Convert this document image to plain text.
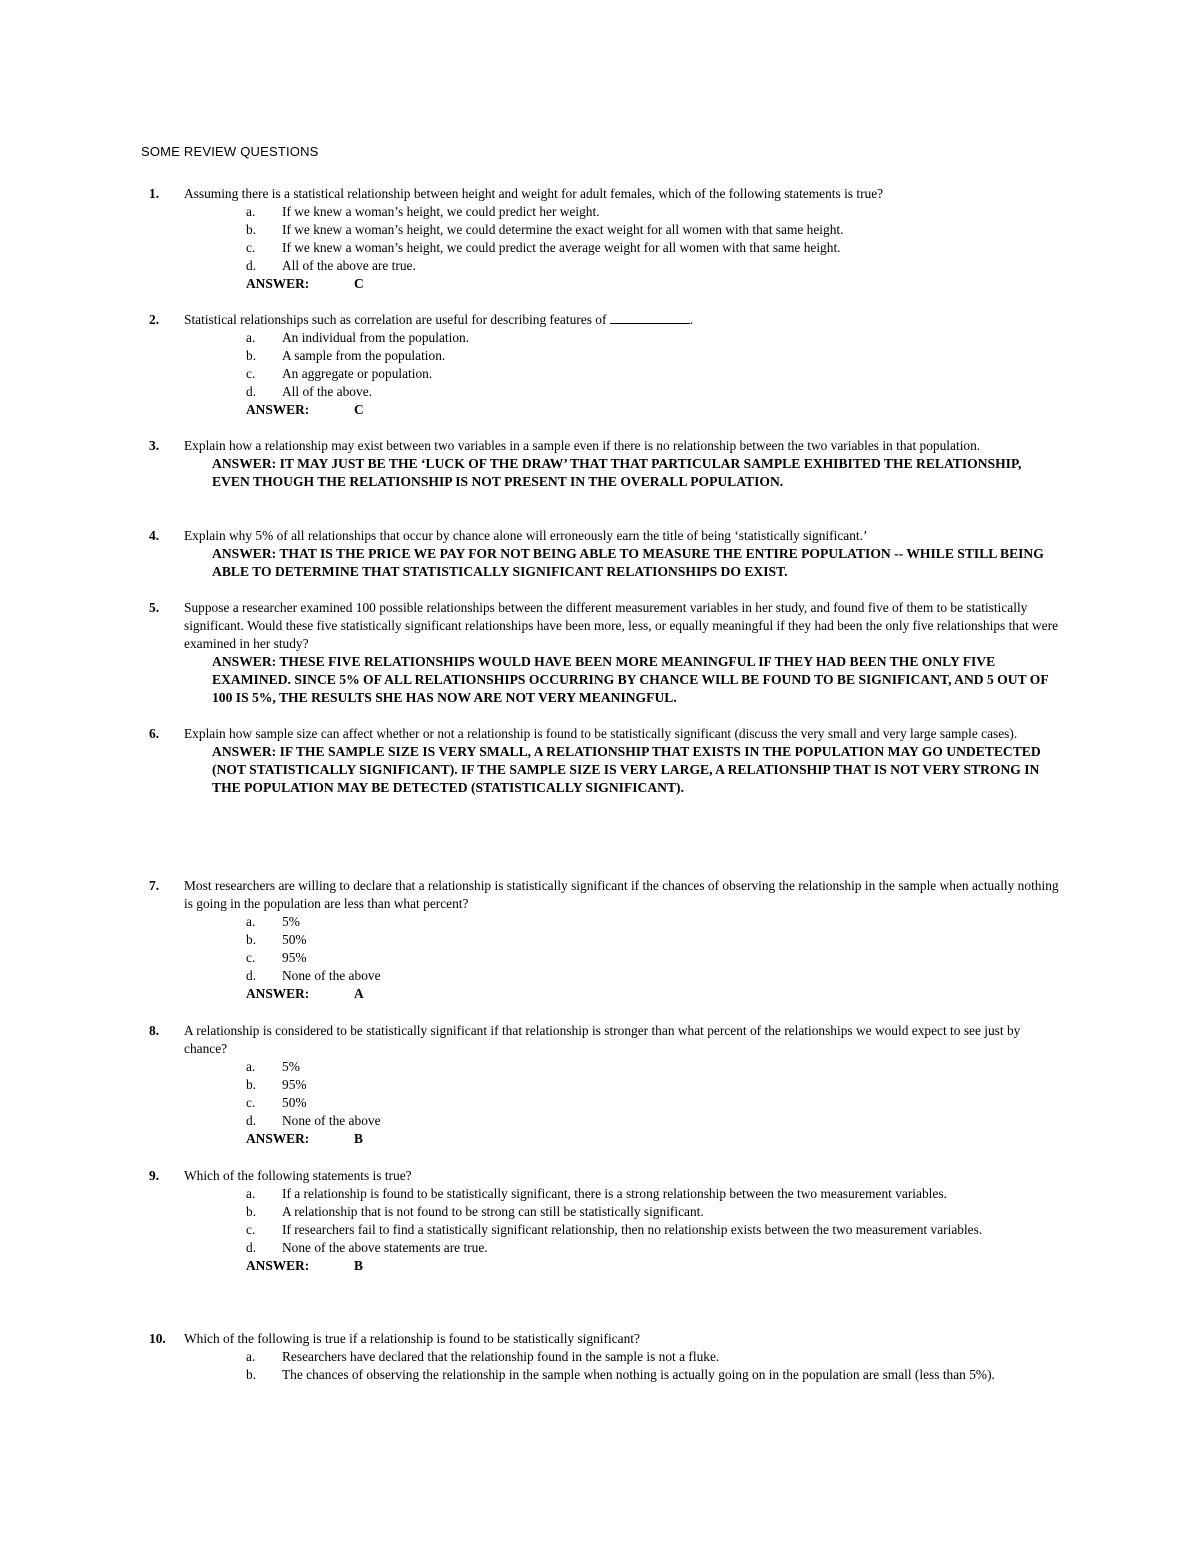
SOME REVIEW QUESTIONS
1. Assuming there is a statistical relationship between height and weight for adult females, which of the following statements is true?
a. If we knew a woman’s height, we could predict her weight.
b. If we knew a woman’s height, we could determine the exact weight for all women with that same height.
c. If we knew a woman’s height, we could predict the average weight for all women with that same height.
d. All of the above are true.
ANSWER:	C
2. Statistical relationships such as correlation are useful for describing features of	.
a. An individual from the population.
b. A sample from the population.
c. An aggregate or population.
d. All of the above.
ANSWER:	C
3. Explain how a relationship may exist between two variables in a sample even if there is no relationship between the two variables in that population.
ANSWER: IT MAY JUST BE THE ‘LUCK OF THE DRAW’ THAT THAT PARTICULAR SAMPLE EXHIBITED THE RELATIONSHIP, EVEN THOUGH THE RELATIONSHIP IS NOT PRESENT IN THE OVERALL POPULATION.
4. Explain why 5% of all relationships that occur by chance alone will erroneously earn the title of being ‘statistically significant.’
ANSWER: THAT IS THE PRICE WE PAY FOR NOT BEING ABLE TO MEASURE THE ENTIRE POPULATION -- WHILE STILL BEING ABLE TO DETERMINE THAT STATISTICALLY SIGNIFICANT RELATIONSHIPS DO EXIST.
5. Suppose a researcher examined 100 possible relationships between the different measurement variables in her study, and found five of them to be statistically significant. Would these five statistically significant relationships have been more, less, or equally meaningful if they had been the only five relationships that were examined in her study?
ANSWER: THESE FIVE RELATIONSHIPS WOULD HAVE BEEN MORE MEANINGFUL IF THEY HAD BEEN THE ONLY FIVE EXAMINED. SINCE 5% OF ALL RELATIONSHIPS OCCURRING BY CHANCE WILL BE FOUND TO BE SIGNIFICANT, AND 5 OUT OF 100 IS 5%, THE RESULTS SHE HAS NOW ARE NOT VERY MEANINGFUL.
6. Explain how sample size can affect whether or not a relationship is found to be statistically significant (discuss the very small and very large sample cases).
ANSWER: IF THE SAMPLE SIZE IS VERY SMALL, A RELATIONSHIP THAT EXISTS IN THE POPULATION MAY GO UNDETECTED (NOT STATISTICALLY SIGNIFICANT). IF THE SAMPLE SIZE IS VERY LARGE, A RELATIONSHIP THAT IS NOT VERY STRONG IN THE POPULATION MAY BE DETECTED (STATISTICALLY SIGNIFICANT).
7. Most researchers are willing to declare that a relationship is statistically significant if the chances of observing the relationship in the sample when actually nothing is going in the population are less than what percent?
a. 5%
b. 50%
c. 95%
d. None of the above
ANSWER:	A
8. A relationship is considered to be statistically significant if that relationship is stronger than what percent of the relationships we would expect to see just by chance?
a. 5%
b. 95%
c. 50%
d. None of the above
ANSWER:	B
9. Which of the following statements is true?
a. If a relationship is found to be statistically significant, there is a strong relationship between the two measurement variables.
b. A relationship that is not found to be strong can still be statistically significant.
c. If researchers fail to find a statistically significant relationship, then no relationship exists between the two measurement variables.
d. None of the above statements are true.
ANSWER:	B
10. Which of the following is true if a relationship is found to be statistically significant?
a. Researchers have declared that the relationship found in the sample is not a fluke.
b. The chances of observing the relationship in the sample when nothing is actually going on in the population are small (less than 5%).
